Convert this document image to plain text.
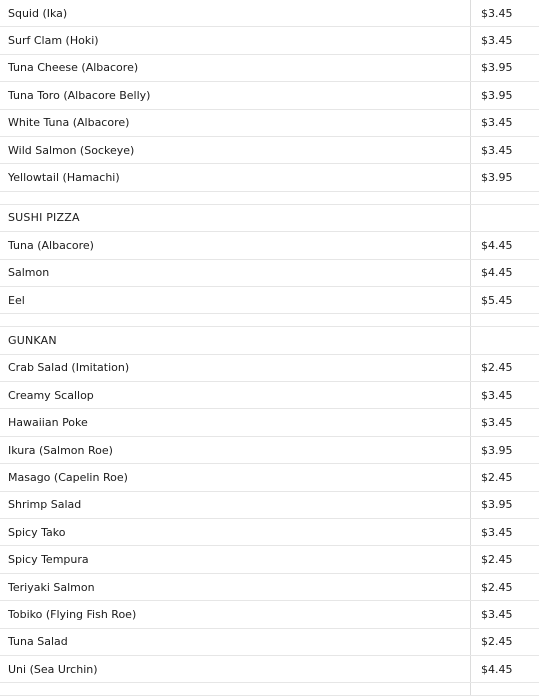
Squid (Ika)	$3.45
Surf Clam (Hoki)	$3.45
Tuna Cheese (Albacore)	$3.95
Tuna Toro (Albacore Belly)	$3.95
White Tuna (Albacore)	$3.45
Wild Salmon (Sockeye)	$3.45
Yellowtail (Hamachi)	$3.95
SUSHI PIZZA
Tuna (Albacore)	$4.45
Salmon	$4.45
Eel	$5.45
GUNKAN
Crab Salad (Imitation)	$2.45
Creamy Scallop	$3.45
Hawaiian Poke	$3.45
Ikura (Salmon Roe)	$3.95
Masago (Capelin Roe)	$2.45
Shrimp Salad	$3.95
Spicy Tako	$3.45
Spicy Tempura	$2.45
Teriyaki Salmon	$2.45
Tobiko (Flying Fish Roe)	$3.45
Tuna Salad	$2.45
Uni (Sea Urchin)	$4.45
